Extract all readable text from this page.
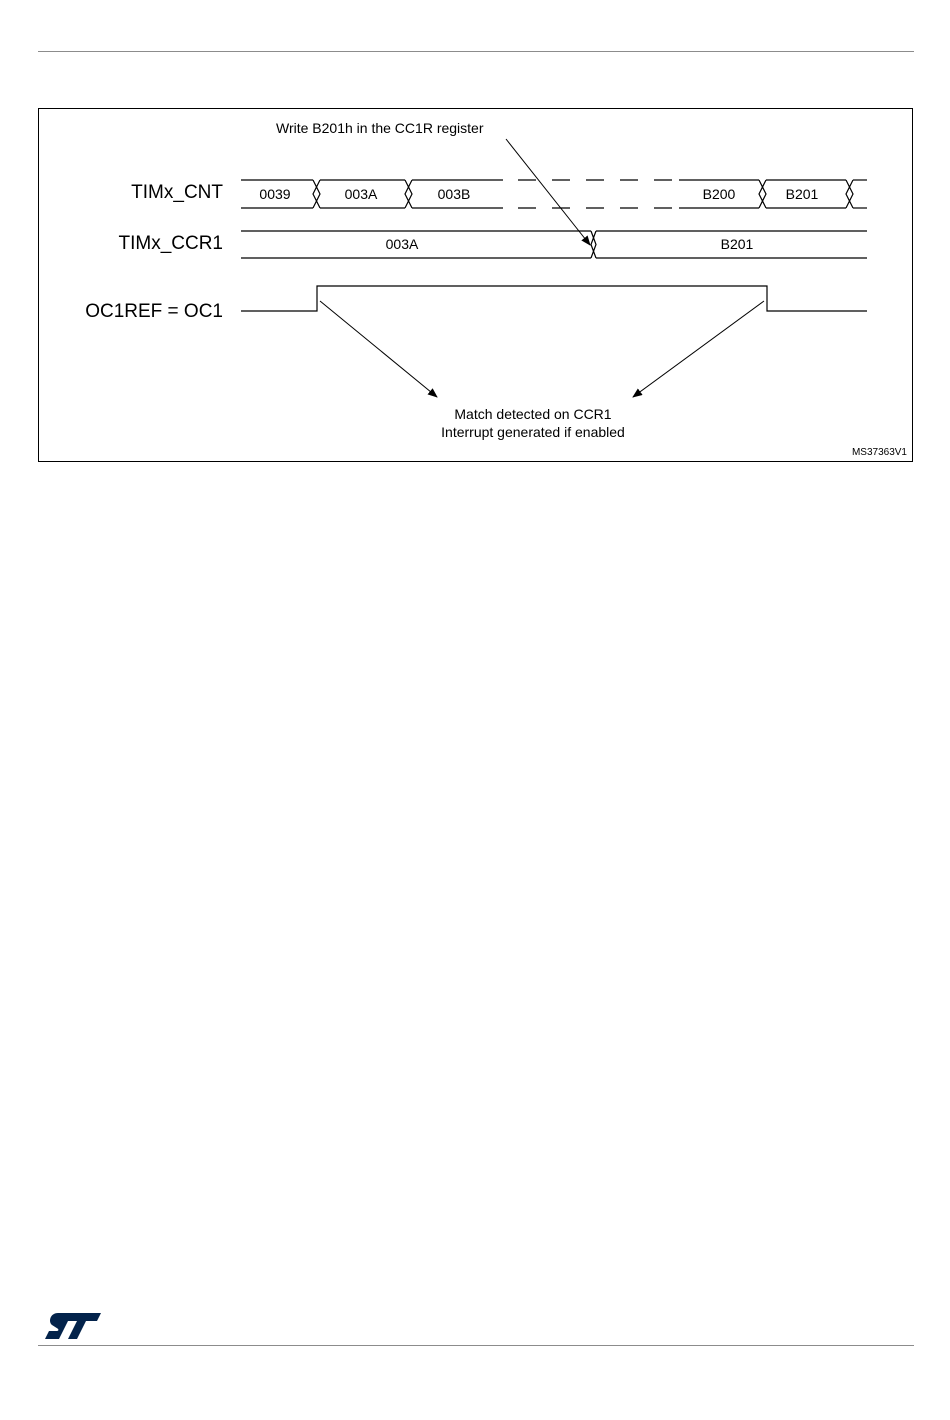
TIMx_CNT
TIMx_CCR1
OC1REF = OC1
0039	003A	003B	B200	B201
003A	B201
Write B201h in the CC1R register
Match detected on CCR1
Interrupt generated if enabled
MS37363V1
